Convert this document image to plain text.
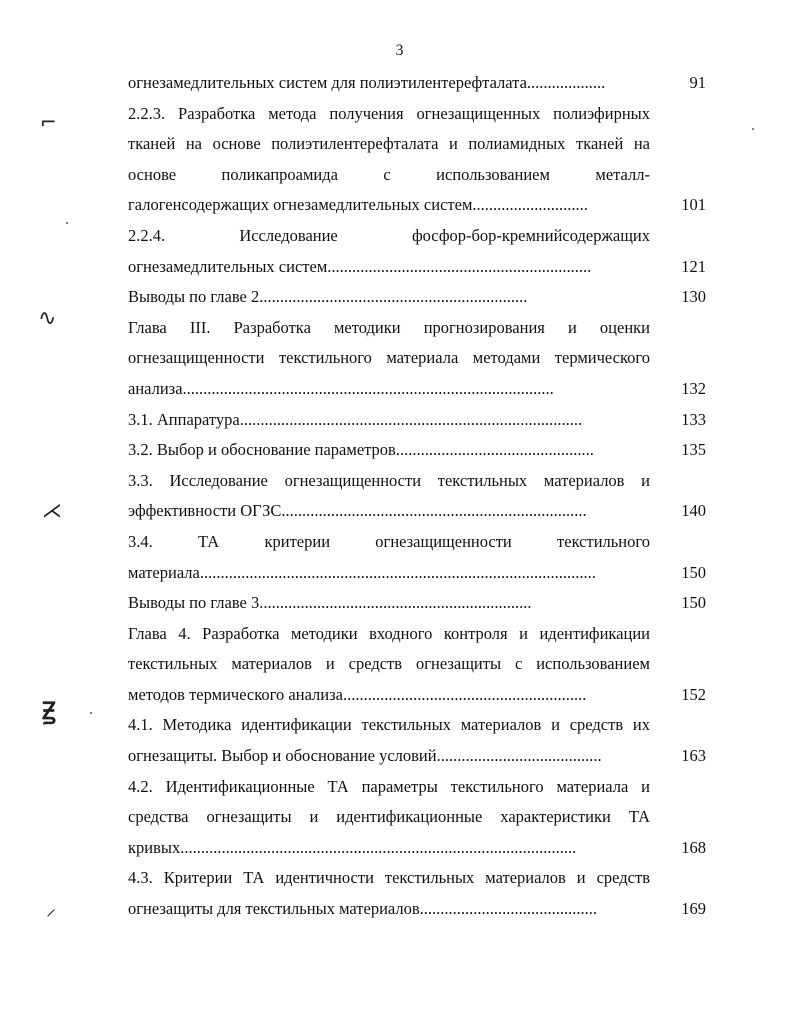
3
огнезамедлительных систем для полиэтилентерефталата...................	91
2.2.3. Разработка метода получения огнезащищенных полиэфирных
тканей на основе полиэтилентерефталата и полиамидных тканей на
основе поликапроамида с использованием металл-
галогенсодержащих огнезамедлительных систем............................	101
2.2.4. Исследование фосфор-бор-кремнийсодержащих
огнезамедлительных систем................................................................	121
Выводы по главе 2.................................................................	130
Глава III. Разработка методики прогнозирования и оценки
огнезащищенности текстильного материала методами термического
анализа..........................................................................................	132
3.1. Аппаратура...................................................................................	133
3.2. Выбор и обоснование параметров................................................	135
3.3. Исследование огнезащищенности текстильных материалов и
эффективности ОГЗС..........................................................................	140
3.4. ТА критерии огнезащищенности текстильного
материала................................................................................................	150
Выводы по главе 3..................................................................	150
Глава 4. Разработка методики входного контроля и идентификации
текстильных материалов и средств огнезащиты с использованием
методов термического анализа...........................................................	152
4.1. Методика идентификации текстильных материалов и средств их
огнезащиты. Выбор и обоснование условий........................................	163
4.2. Идентификационные ТА параметры текстильного материала и
средства огнезащиты и идентификационные характеристики ТА
кривых................................................................................................	168
4.3. Критерии ТА идентичности текстильных материалов и средств
огнезащиты для текстильных материалов...........................................	169
⌐
∿
⋌
Ꙃ
⸝
